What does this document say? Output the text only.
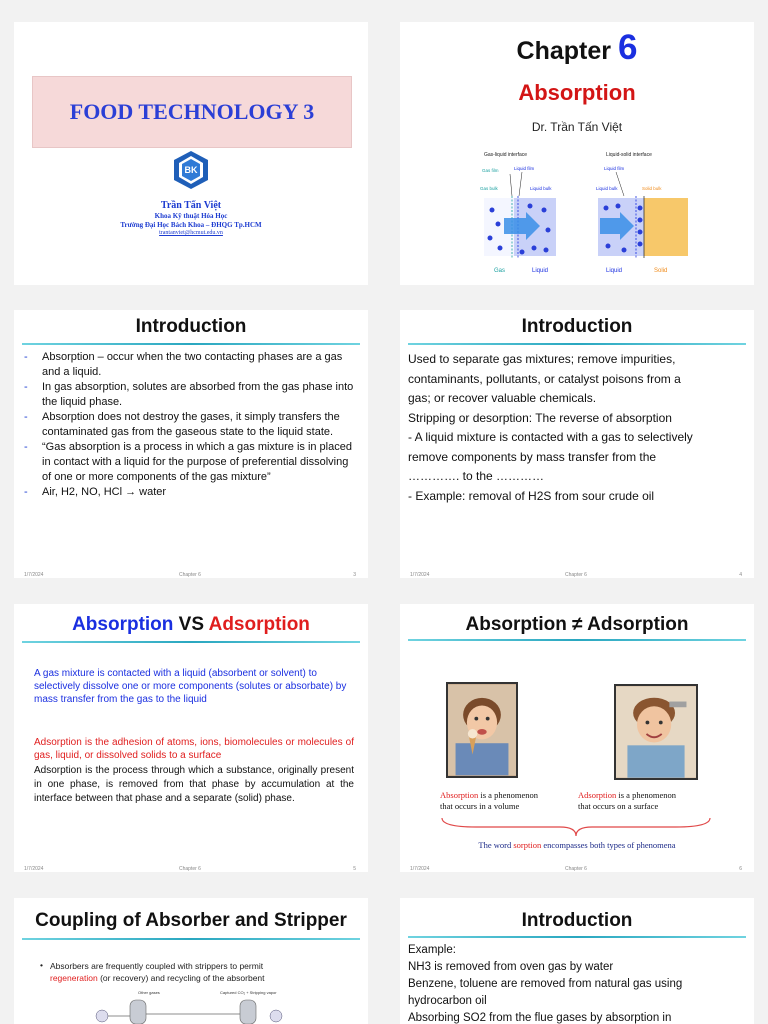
FOOD TECHNOLOGY 3
BK
Trần Tấn Việt
Khoa Kỹ thuật Hóa Học
Trường Đại Học Bách Khoa – ĐHQG Tp.HCM
trantanviet@hcmut.edu.vn
Chapter 6
Absorption
Dr. Trần Tấn Việt
Gas-liquid interface	Liquid-solid interface
Gas film	Liquid film
Gas bulk	Liquid bulk
Liquid film
Liquid bulk	Solid bulk
Gas	Liquid	Liquid	Solid
Introduction
- Absorption – occur when the two contacting phases are a gas and a liquid.
- In gas absorption, solutes are absorbed from the gas phase into the liquid phase.
- Absorption does not destroy the gases, it simply transfers the contaminated gas from the gaseous state to the liquid state.
- “Gas absorption is a process in which a gas mixture is in placed in contact with a liquid for the purpose of preferential dissolving of one or more components of the gas mixture”
- Air, H2, NO, HCl → water
1/7/2024	Chapter 6	3
Introduction
Used to separate gas mixtures; remove impurities,
contaminants, pollutants, or catalyst poisons from a
gas; or recover valuable chemicals.
Stripping or desorption: The reverse of absorption
- A liquid mixture is contacted with a gas to selectively
remove components by mass transfer from the
…………. to the …………
- Example: removal of H2S from sour crude oil
1/7/2024	Chapter 6	4
Absorption VS Adsorption
A gas mixture is contacted with a liquid (absorbent or solvent) to selectively dissolve one or more components (solutes or absorbate) by mass transfer from the gas to the liquid
Adsorption is the adhesion of atoms, ions, biomolecules or molecules of gas, liquid, or dissolved solids to a surface
Adsorption is the process through which a substance, originally present in one phase, is removed from that phase by accumulation at the interface between that phase and a separate (solid) phase.
1/7/2024	Chapter 6	5
Absorption ≠ Adsorption
Absorption is a phenomenon
that occurs in a volume
Adsorption is a phenomenon
that occurs on a surface
The word sorption encompasses both types of phenomena
1/7/2024	Chapter 6	6
Coupling of Absorber and Stripper
• Absorbers are frequently coupled with strippers to permit
regeneration (or recovery) and recycling of the absorbent
Other gases	Captured CO₂ + Stripping vapor
Introduction
Example:
NH3 is removed from oven gas by water
Benzene, toluene are removed from natural gas using
hydrocarbon oil
Absorbing SO2 from the flue gases by absorption in
